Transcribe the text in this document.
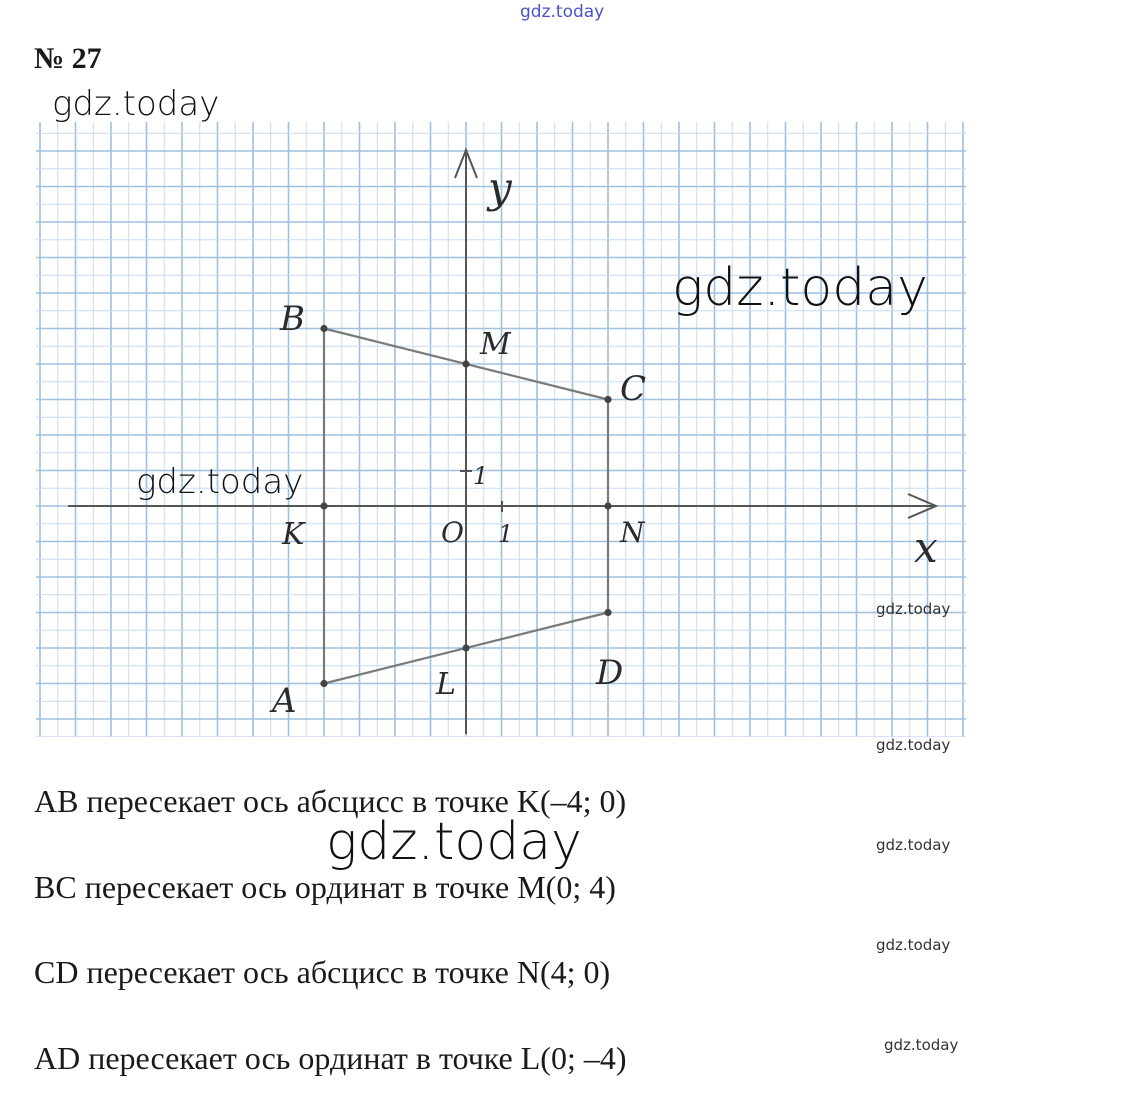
gdz.today
№ 27
gdz.today
y
x
O 1
1
A
B
C
D
K
M
N
L
gdz.today
gdz.today
gdz.today
gdz.today
АВ пересекает ось абсцисс в точке K(–4; 0)
gdz.today	gdz.today
ВС пересекает ось ординат в точке M(0; 4)
gdz.today
СD пересекает ось абсцисс в точке N(4; 0)
gdz.today
АD пересекает ось ординат в точке L(0; –4)
